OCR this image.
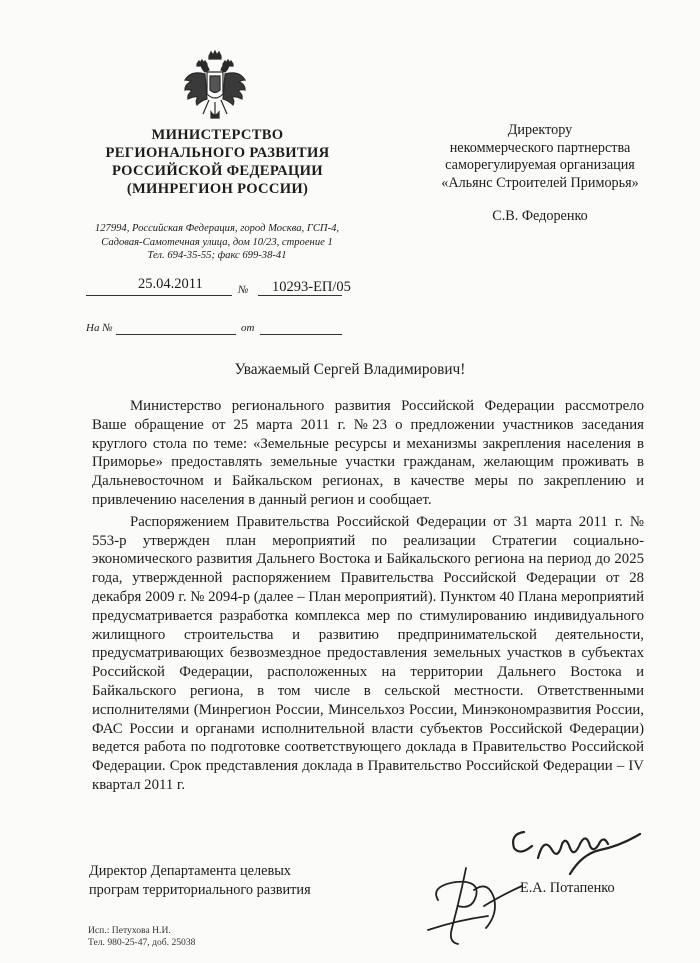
МИНИСТЕРСТВО
РЕГИОНАЛЬНОГО РАЗВИТИЯ
РОССИЙСКОЙ ФЕДЕРАЦИИ
(МИНРЕГИОН РОССИИ)
127994, Российская Федерация, город Москва, ГСП-4,
Садовая-Самотечная улица, дом 10/23, строение 1
Тел. 694-35-55; факс 699-38-41
Директору
некоммерческого партнерства
саморегулируемая организация
«Альянс Строителей Приморья»
С.В. Федоренко
25.04.2011	10293-ЕП/05
№
На №	от
Уважаемый Сергей Владимирович!

Министерство регионального развития Российской Федерации рассмотрело Ваше обращение от 25 марта 2011 г. №23 о предложении участников заседания круглого стола по теме: «Земельные ресурсы и механизмы закрепления населения в Приморье» предоставлять земельные участки гражданам, желающим проживать в Дальневосточном и Байкальском регионах, в качестве меры по закреплению и привлечению населения в данный регион и сообщает.

Распоряжением Правительства Российской Федерации от 31 марта 2011 г. № 553-р утвержден план мероприятий по реализации Стратегии социально-экономического развития Дальнего Востока и Байкальского региона на период до 2025 года, утвержденной распоряжением Правительства Российской Федерации от 28 декабря 2009 г. № 2094-р (далее – План мероприятий). Пунктом 40 Плана мероприятий предусматривается разработка комплекса мер по стимулированию индивидуального жилищного строительства и развитию предпринимательской деятельности, предусматривающих безвозмездное предоставления земельных участков в субъектах Российской Федерации, расположенных на территории Дальнего Востока и Байкальского региона, в том числе в сельской местности. Ответственными исполнителями (Минрегион России, Минсельхоз России, Минэкономразвития России, ФАС России и органами исполнительной власти субъектов Российской Федерации) ведется работа по подготовке соответствующего доклада в Правительство Российской Федерации. Срок представления доклада в Правительство Российской Федерации – IV квартал 2011 г.

Директор Департамента целевых
програм территориального развития	Е.А. Потапенко
Исп.: Петухова Н.И.
Тел. 980-25-47, доб. 25038
